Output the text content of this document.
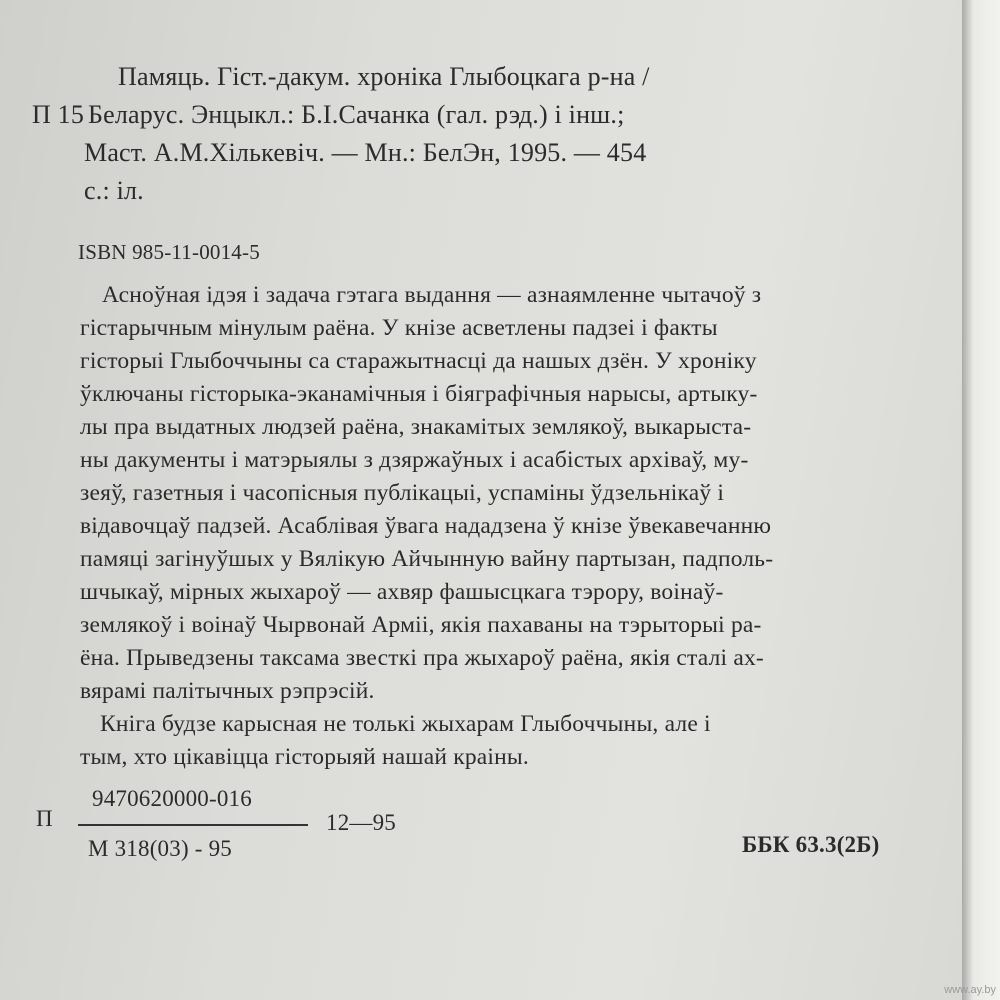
Памяць. Гіст.-дакум. хроніка Глыбоцкага р-на /
П 15 Беларус. Энцыкл.: Б.І.Сачанка (гал. рэд.) і інш.;
Маст. А.М.Хількевіч. — Мн.: БелЭн, 1995. — 454
с.: іл.
ISBN 985-11-0014-5
Асноўная ідэя і задача гэтага выдання — азнаямленне чытачоў з
гістарычным мінулым раёна. У кнізе асветлены падзеі і факты
гісторыі Глыбоччыны са старажытнасці да нашых дзён. У хроніку
ўключаны гісторыка-эканамічныя і біяграфічныя нарысы, артыку-
лы пра выдатных людзей раёна, знакамітых землякоў, выкарыста-
ны дакументы і матэрыялы з дзяржаўных і асабістых архіваў, му-
зеяў, газетныя і часопісныя публікацыі, успаміны ўдзельнікаў і
відавочцаў падзей. Асаблівая ўвага нададзена ў кнізе ўвекавечанню
памяці загінуўшых у Вялікую Айчынную вайну партызан, падполь-
шчыкаў, мірных жыхароў — ахвяр фашысцкага тэрору, воінаў-
землякоў і воінаў Чырвонай Арміі, якія пахаваны на тэрыторыі ра-
ёна. Прыведзены таксама звесткі пра жыхароў раёна, якія сталі ах-
вярамі палітычных рэпрэсій.
Кніга будзе карысная не толькі жыхарам Глыбоччыны, але і
тым, хто цікавіцца гісторыяй нашай краіны.
П
9470620000-016
М 318(03) - 95
12—95
ББК 63.3(2Б)
www.ay.by
